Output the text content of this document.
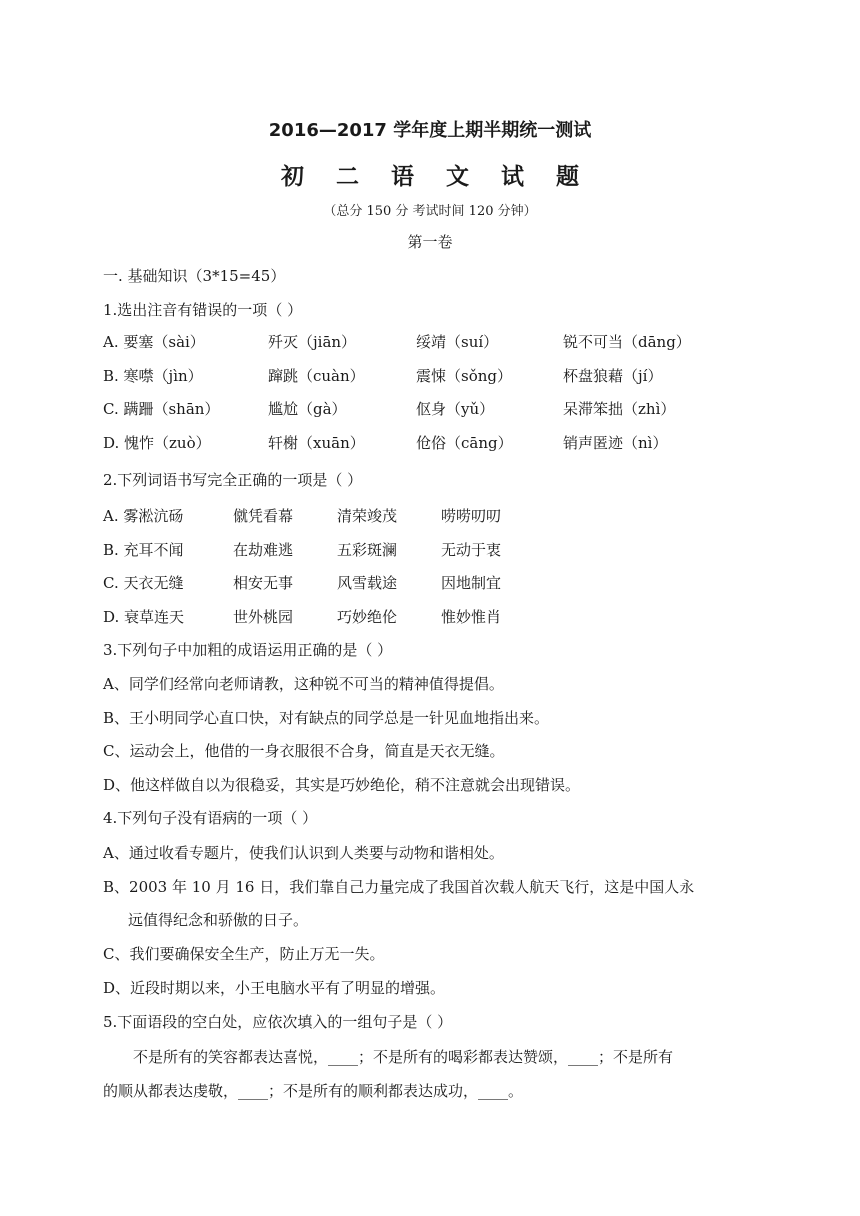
2016—2017 学年度上期半期统一测试
初 二 语 文 试 题
（总分 150 分 考试时间 120 分钟）
第一卷
一. 基础知识（3*15=45）
1.选出注音有错误的一项（ ）
A. 要塞（sài）	歼灭（jiān）	绥靖（suí）	锐不可当（dāng）
B. 寒噤（jìn）	蹿跳（cuàn）	震悚（sǒng）	杯盘狼藉（jí）
C. 蹒跚（shān）	尴尬（gà）	伛身（yǔ）	呆滞笨拙（zhì）
D. 愧怍（zuò）	轩榭（xuān）	伧俗（cāng）	销声匿迹（nì）
2.下列词语书写完全正确的一项是（ ）
A. 雾淞沆砀	僦凭看幕	清荣竣茂	唠唠叨叨
B. 充耳不闻	在劫难逃	五彩斑澜	无动于衷
C. 天衣无缝	相安无事	风雪载途	因地制宜
D. 衰草连天	世外桃园	巧妙绝伦	惟妙惟肖
3.下列句子中加粗的成语运用正确的是（ ）
A、同学们经常向老师请教，这种锐不可当的精神值得提倡。
B、王小明同学心直口快，对有缺点的同学总是一针见血地指出来。
C、运动会上，他借的一身衣服很不合身，简直是天衣无缝。
D、他这样做自以为很稳妥，其实是巧妙绝伦，稍不注意就会出现错误。
4.下列句子没有语病的一项（ ）
A、通过收看专题片，使我们认识到人类要与动物和谐相处。
B、2003 年 10 月 16 日，我们靠自己力量完成了我国首次载人航天飞行，这是中国人永
远值得纪念和骄傲的日子。
C、我们要确保安全生产，防止万无一失。
D、近段时期以来，小王电脑水平有了明显的增强。
5.下面语段的空白处，应依次填入的一组句子是（ ）
不是所有的笑容都表达喜悦，____；不是所有的喝彩都表达赞颂，____；不是所有
的顺从都表达虔敬，____；不是所有的顺利都表达成功，____。
